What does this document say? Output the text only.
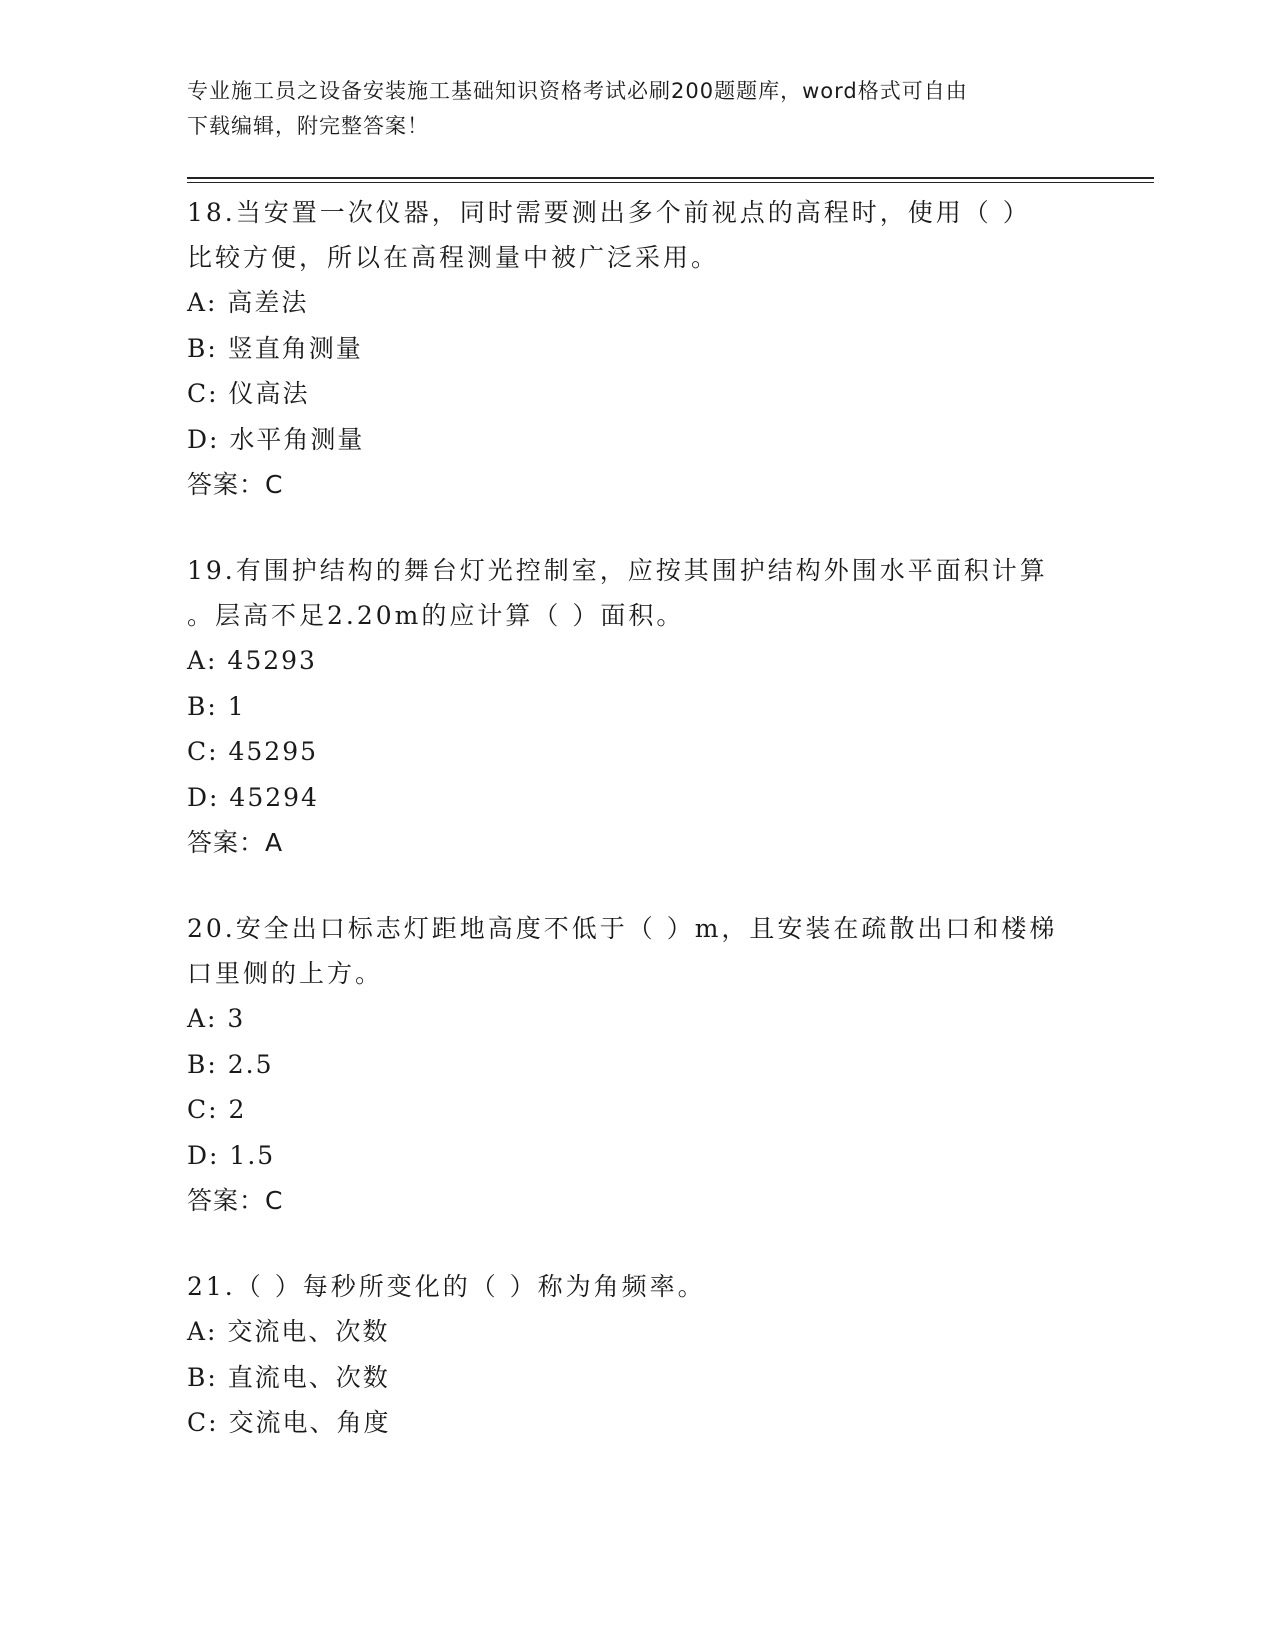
专业施工员之设备安装施工基础知识资格考试必刷200题题库，word格式可自由
下载编辑，附完整答案！

18.当安置一次仪器，同时需要测出多个前视点的高程时，使用（ ）

比较方便，所以在高程测量中被广泛采用。

A: 高差法

B: 竖直角测量

C: 仪高法

D: 水平角测量

答案：C

19.有围护结构的舞台灯光控制室，应按其围护结构外围水平面积计算

。层高不足2.20m的应计算（ ）面积。

A: 45293

B: 1

C: 45295

D: 45294

答案：A

20.安全出口标志灯距地高度不低于（ ）m，且安装在疏散出口和楼梯

口里侧的上方。

A: 3

B: 2.5

C: 2

D: 1.5

答案：C

21.（ ）每秒所变化的（ ）称为角频率。

A: 交流电、次数

B: 直流电、次数

C: 交流电、角度
